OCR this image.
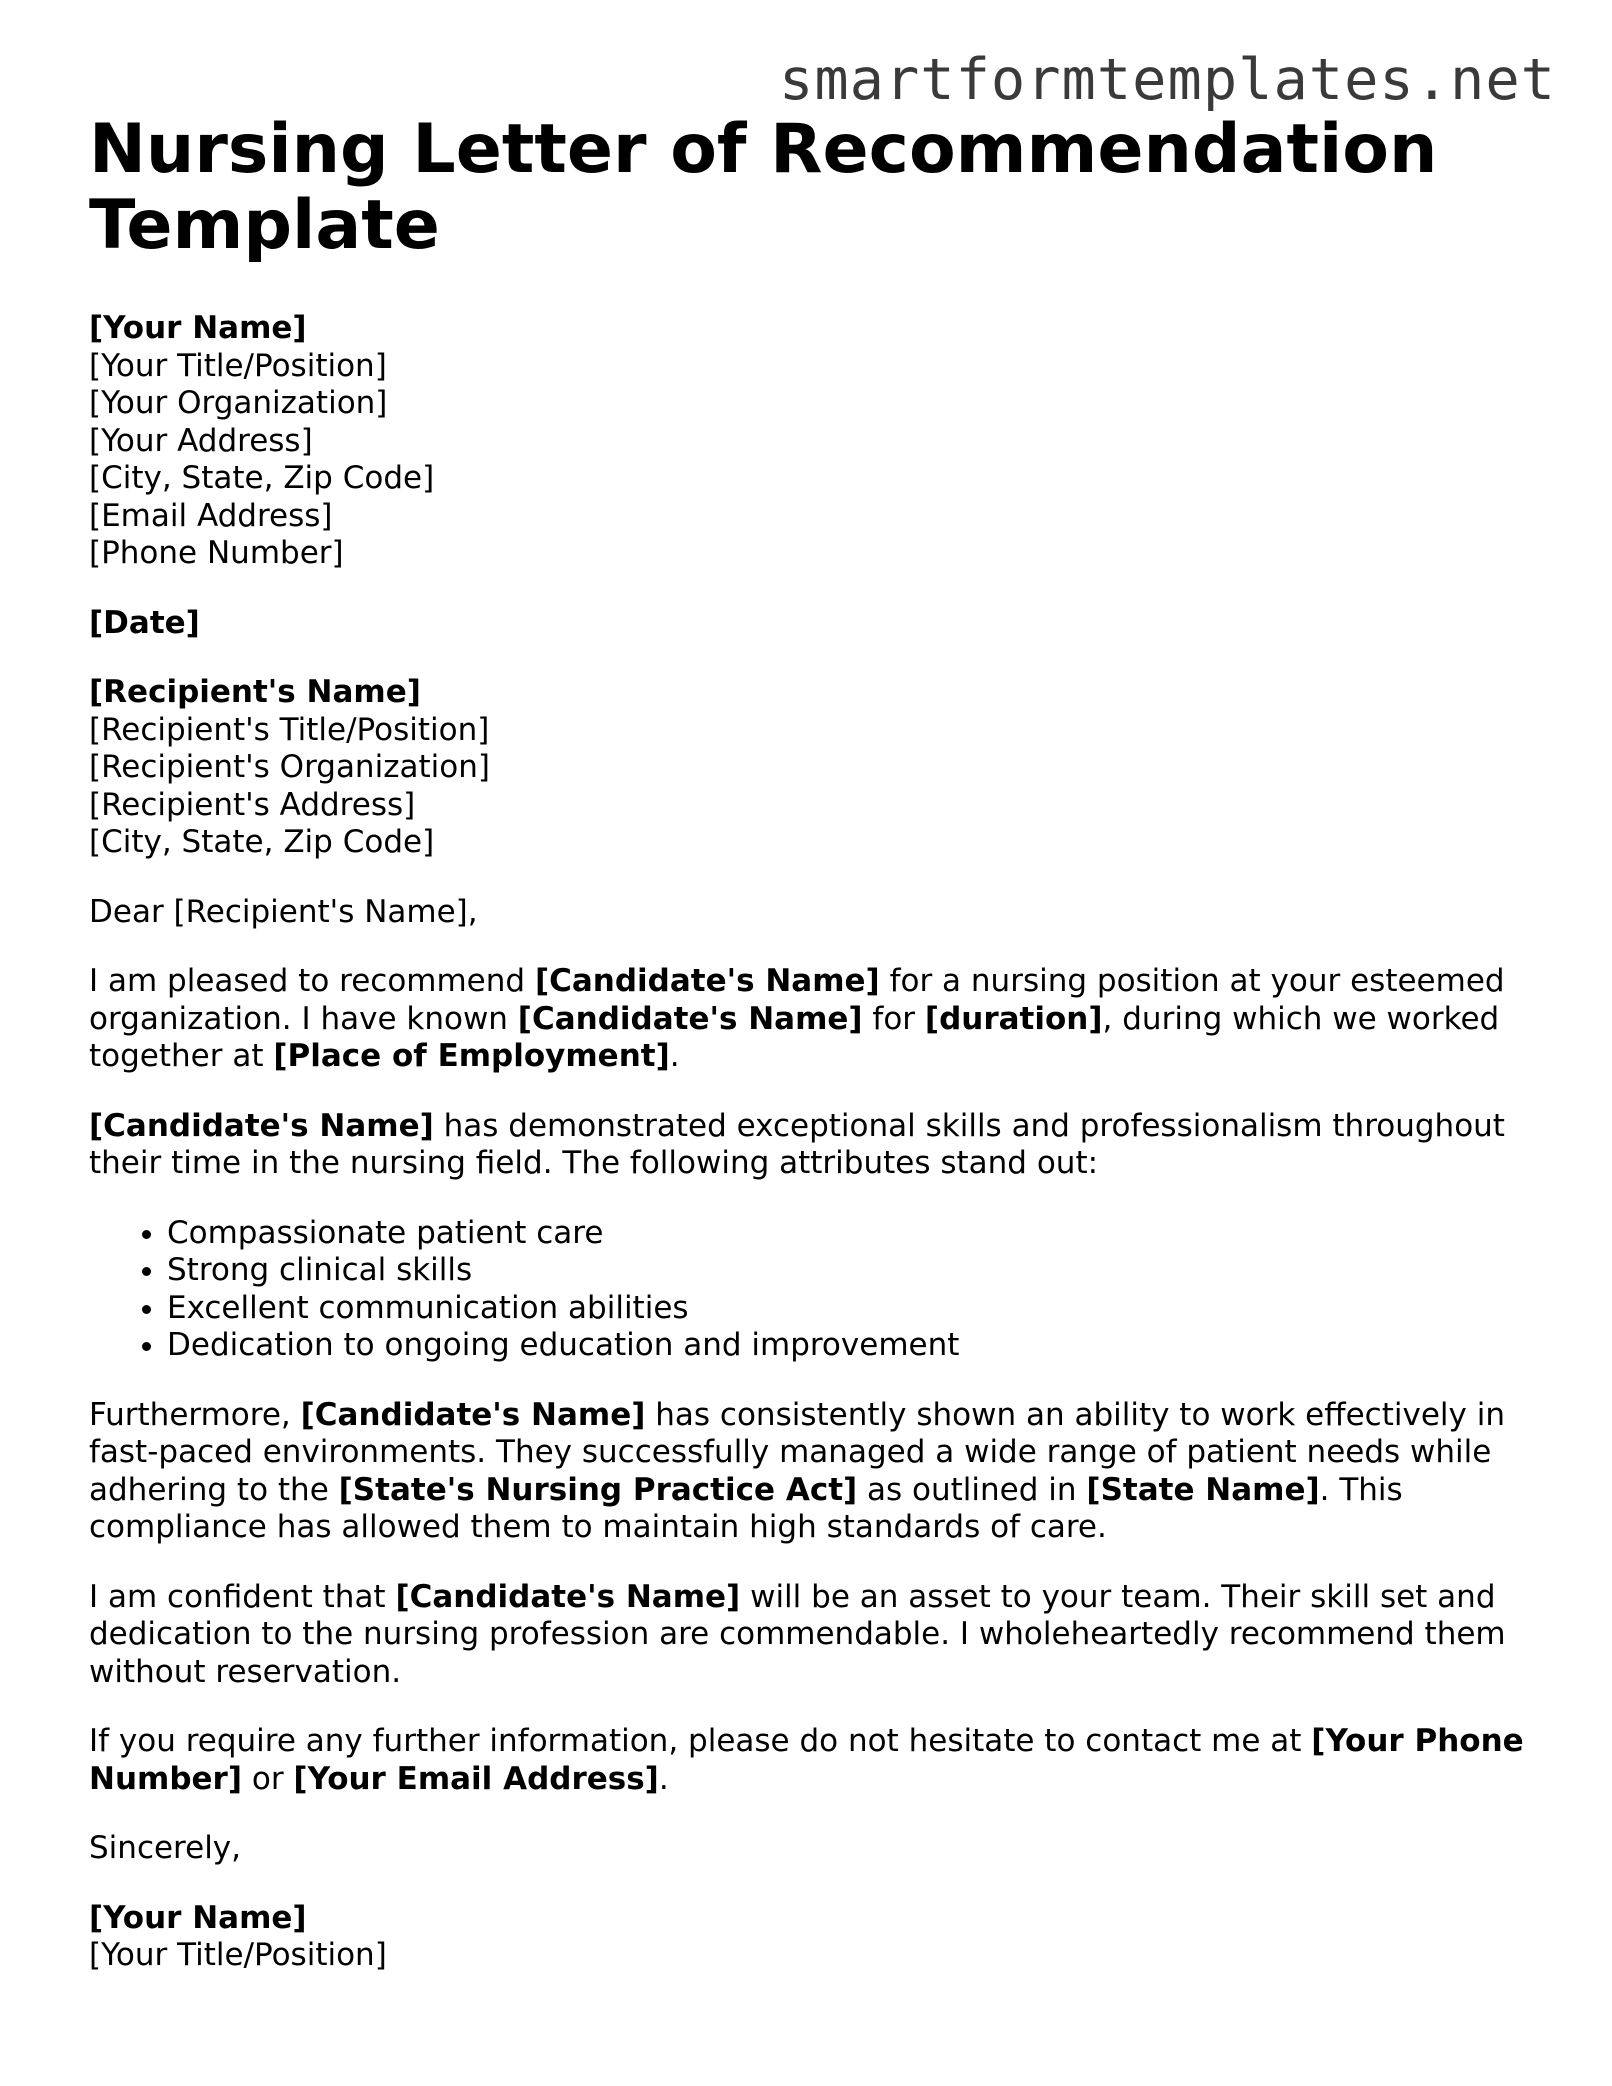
smartformtemplates.net
Nursing Letter of Recommendation Template
[Your Name]
[Your Title/Position]
[Your Organization]
[Your Address]
[City, State, Zip Code]
[Email Address]
[Phone Number]
[Date]
[Recipient's Name]
[Recipient's Title/Position]
[Recipient's Organization]
[Recipient's Address]
[City, State, Zip Code]

Dear [Recipient's Name],

I am pleased to recommend [Candidate's Name] for a nursing position at your esteemed organization. I have known [Candidate's Name] for [duration], during which we worked together at [Place of Employment].

[Candidate's Name] has demonstrated exceptional skills and professionalism throughout their time in the nursing field. The following attributes stand out:

• Compassionate patient care
• Strong clinical skills
• Excellent communication abilities
• Dedication to ongoing education and improvement

Furthermore, [Candidate's Name] has consistently shown an ability to work effectively in fast-paced environments. They successfully managed a wide range of patient needs while adhering to the [State's Nursing Practice Act] as outlined in [State Name]. This compliance has allowed them to maintain high standards of care.

I am confident that [Candidate's Name] will be an asset to your team. Their skill set and dedication to the nursing profession are commendable. I wholeheartedly recommend them without reservation.

If you require any further information, please do not hesitate to contact me at [Your Phone Number] or [Your Email Address].

Sincerely,

[Your Name]
[Your Title/Position]
